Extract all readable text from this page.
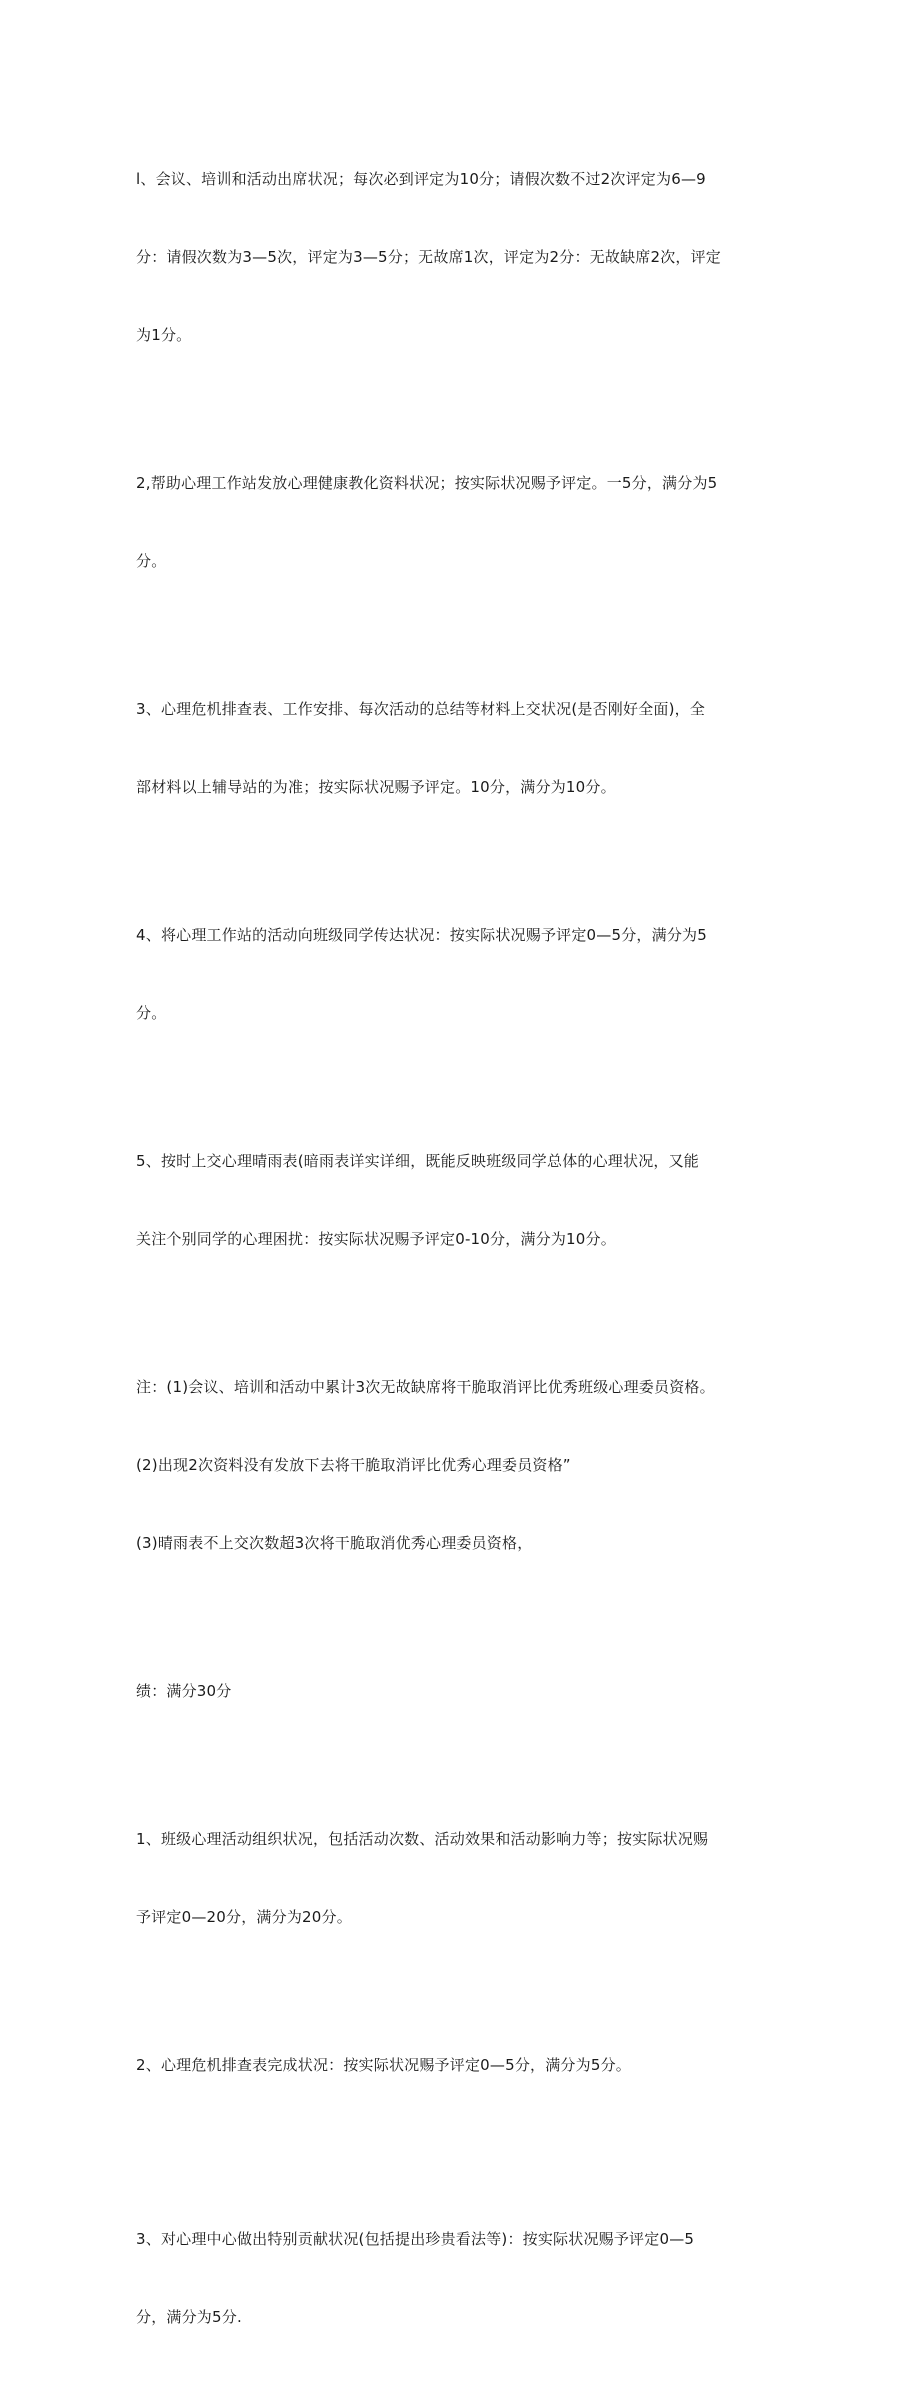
l、会议、培训和活动出席状况；每次必到评定为10分；请假次数不过2次评定为6—9

分：请假次数为3—5次，评定为3—5分；无故席1次，评定为2分：无故缺席2次，评定

为1分。

2,帮助心理工作站发放心理健康教化资料状况；按实际状况赐予评定。一5分，满分为5

分。

3、心理危机排查表、工作安排、每次活动的总结等材料上交状况(是否刚好全面)，全

部材料以上辅导站的为准；按实际状况赐予评定。10分，满分为10分。

4、将心理工作站的活动向班级同学传达状况：按实际状况赐予评定0—5分，满分为5

分。

5、按时上交心理晴雨表(暗雨表详实详细，既能反映班级同学总体的心理状况，又能

关注个别同学的心理困扰：按实际状况赐予评定0-10分，满分为10分。

注：(1)会议、培训和活动中累计3次无故缺席将干脆取消评比优秀班级心理委员资格。

(2)出现2次资料没有发放下去将干脆取消评比优秀心理委员资格”

(3)晴雨表不上交次数超3次将干脆取消优秀心理委员资格，

绩：满分30分

1、班级心理活动组织状况，包括活动次数、活动效果和活动影响力等；按实际状况赐

予评定0—20分，满分为20分。

2、心理危机排查表完成状况：按实际状况赐予评定0—5分，满分为5分。

3、对心理中心做出特别贡献状况(包括提出珍贵看法等)：按实际状况赐予评定0—5

分，满分为5分.
